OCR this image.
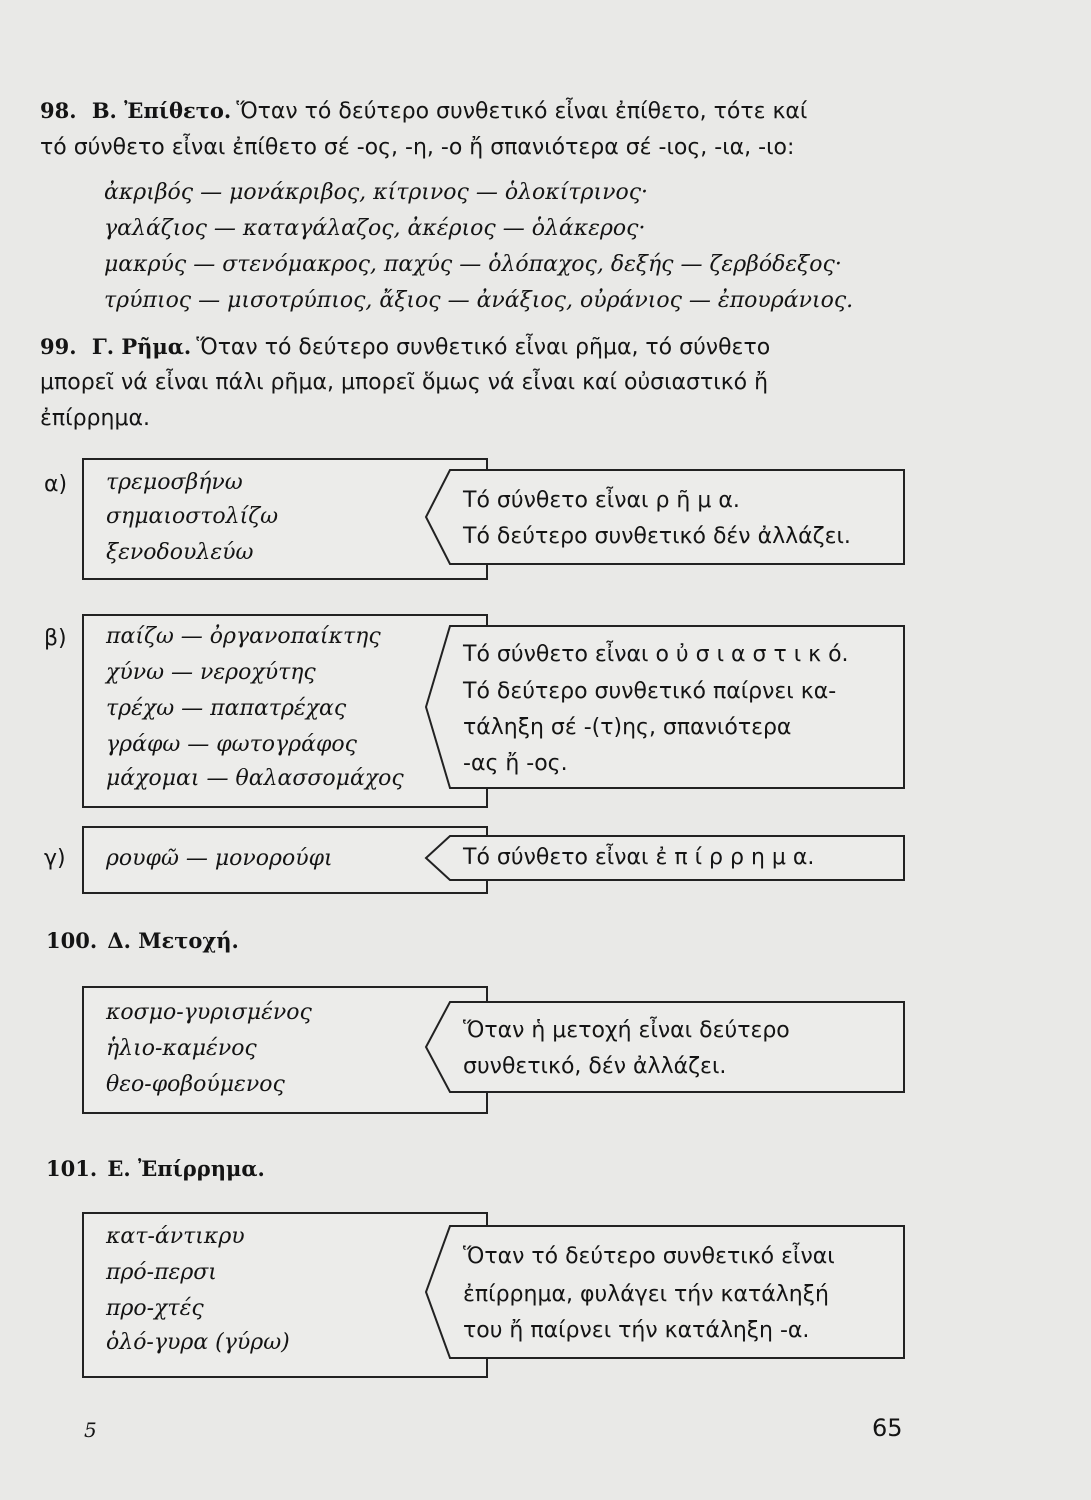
98. Β. Ἐπίθετο. Ὅταν τό δεύτερο συνθετικό εἶναι ἐπίθετο, τότε καί
τό σύνθετο εἶναι ἐπίθετο σέ -ος, -η, -ο ἤ σπανιότερα σέ -ιος, -ια, -ιο:
ἀκριβός — μονάκριβος, κίτρινος — ὁλοκίτρινος·
γαλάζιος — καταγάλαζος, ἀκέριος — ὁλάκερος·
μακρύς — στενόμακρος, παχύς — ὁλόπαχος, δεξής — ζερβόδεξος·
τρύπιος — μισοτρύπιος, ἄξιος — ἀνάξιος, οὐράνιος — ἐπουράνιος.
99. Γ. Ρῆμα. Ὅταν τό δεύτερο συνθετικό εἶναι ρῆμα, τό σύνθετο
μπορεῖ νά εἶναι πάλι ρῆμα, μπορεῖ ὅμως νά εἶναι καί οὐσιαστικό ἤ
ἐπίρρημα.
α) τρεμοσβήνω
σημαιοστολίζω
ξενοδουλεύω
Τό σύνθετο εἶναι ρ ῆ μ α.
Τό δεύτερο συνθετικό δέν ἀλλάζει.
β) παίζω — ὀργανοπαίκτης
χύνω — νεροχύτης
τρέχω — παπατρέχας
γράφω — φωτογράφος
μάχομαι — θαλασσομάχος
Τό σύνθετο εἶναι ο ὐ σ ι α σ τ ι κ ό.
Τό δεύτερο συνθετικό παίρνει κα-
τάληξη σέ -(τ)ης, σπανιότερα
-ας ἤ -ος.
γ) ρουφῶ — μονορούφι	Τό σύνθετο εἶναι ἐ π ί ρ ρ η μ α.
100. Δ. Μετοχή.
κοσμο-γυρισμένος
ἡλιο-καμένος
θεο-φοβούμενος
Ὅταν ἡ μετοχή εἶναι δεύτερο
συνθετικό, δέν ἀλλάζει.
101. Ε. Ἐπίρρημα.
κατ-άντικρυ
πρό-περσι
προ-χτές
ὁλό-γυρα (γύρω)
Ὅταν τό δεύτερο συνθετικό εἶναι
ἐπίρρημα, φυλάγει τήν κατάληξή
του ἤ παίρνει τήν κατάληξη -α.
5	65
